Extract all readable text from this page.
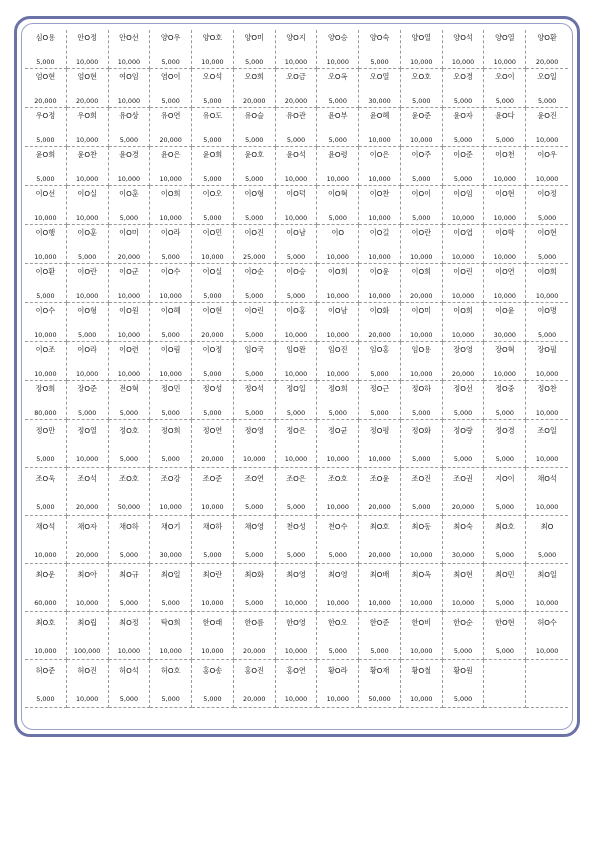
심O용
5,000
안O정
10,000
안O선
10,000
양O우
5,000
양O호
10,000
양O미
5,000
양O지
10,000
양O승
10,000
양O숙
5,000
양O열
10,000
양O석
10,000
양O열
10,000
양O환
20,000
엄O현
20,000
엄O현
20,000
여O임
10,000
염O이
5,000
오O석
5,000
오O희
20,000
오O금
20,000
오O옥
5,000
오O열
30,000
오O호
5,000
오O경
5,000
오O이
5,000
오O일
5,000
우O정
5,000
우O희
10,000
유O상
5,000
유O연
20,000
유O도
5,000
유O슬
5,000
유O관
5,000
윤O부
5,000
윤O혜
10,000
윤O준
10,000
윤O자
5,000
윤O다
5,000
윤O진
10,000
윤O희
5,000
윤O찬
10,000
윤O경
10,000
윤O은
10,000
윤O희
5,000
윤O호
5,000
윤O석
10,000
윤O령
10,000
이O은
10,000
이O주
5,000
이O준
5,000
이O천
10,000
이O우
10,000
이O선
10,000
이O실
10,000
이O훈
5,000
이O희
10,000
이O오
5,000
이O형
5,000
이O덕
10,000
이O혁
5,000
이O찬
10,000
이O이
5,000
이O임
10,000
이O현
10,000
이O정
5,000
이O행
10,000
이O훈
5,000
이O미
20,000
이O라
5,000
이O민
10,000
이O진
25,000
이O남
5,000
이O
10,000
이O길
10,000
이O란
10,000
이O엽
10,000
이O학
10,000
이O현
5,000
이O환
5,000
이O란
10,000
이O군
10,000
이O수
10,000
이O실
5,000
이O순
5,000
이O승
5,000
이O희
10,000
이O윤
10,000
이O희
20,000
이O린
10,000
이O연
10,000
이O희
10,000
이O수
10,000
이O형
5,000
이O원
10,000
이O혜
5,000
이O현
20,000
이O린
5,000
이O홍
10,000
이O남
10,000
이O화
20,000
이O미
10,000
이O희
10,000
이O윤
30,000
이O명
5,000
이O조
10,000
이O라
10,000
이O련
10,000
이O림
10,000
이O정
5,000
임O국
5,000
임O완
10,000
임O진
10,000
임O홍
5,000
임O용
10,000
장O영
20,000
장O혁
10,000
장O필
10,000
장O희
80,000
장O준
5,000
전O혁
5,000
정O민
5,000
정O성
5,000
정O석
5,000
정O일
5,000
정O희
5,000
정O근
5,000
정O하
5,000
정O선
5,000
정O중
5,000
정O찬
10,000
정O만
5,000
정O열
10,000
정O호
5,000
정O희
5,000
정O연
20,000
정O영
10,000
정O은
10,000
정O균
10,000
정O평
10,000
정O화
5,000
정O랑
5,000
정O경
5,000
조O일
10,000
조O욱
5,000
조O석
20,000
조O호
50,000
조O강
10,000
조O준
10,000
조O연
5,000
조O은
5,000
조O호
10,000
조O윤
20,000
조O진
5,000
조O권
20,000
지O이
5,000
채O석
10,000
채O석
10,000
채O자
20,000
채O하
5,000
채O기
30,000
채O하
5,000
채O영
5,000
천O성
5,000
천O수
5,000
최O호
20,000
최O동
10,000
최O숙
30,000
최O호
5,000
최O
5,000
최O운
60,000
최O아
10,000
최O규
5,000
최O일
5,000
최O란
10,000
최O화
5,000
최O영
10,000
최O영
10,000
최O배
10,000
최O옥
10,000
최O현
10,000
최O민
5,000
최O일
10,000
최O호
10,000
최O립
100,000
최O정
10,000
탁O희
10,000
한O래
10,000
한O름
20,000
한O영
10,000
한O오
5,000
한O준
5,000
한O비
10,000
한O순
5,000
한O현
5,000
허O수
10,000
허O준
5,000
허O진
10,000
허O석
5,000
허O호
5,000
홍O송
5,000
홍O진
20,000
홍O연
10,000
황O라
10,000
황O재
50,000
황O철
10,000
황O원
5,000
